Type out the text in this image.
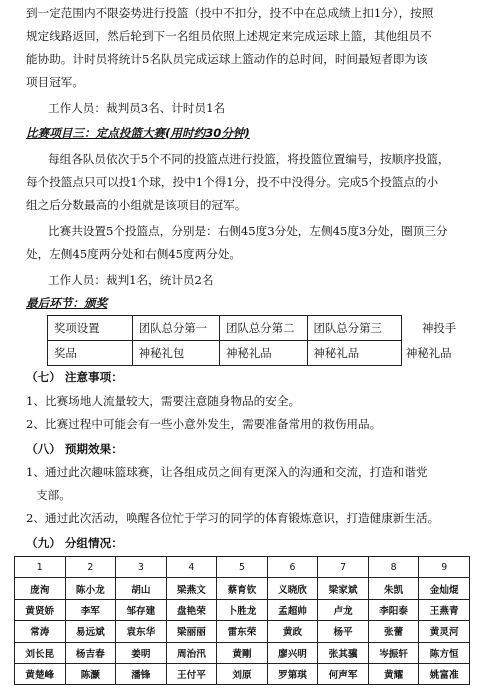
到一定范围内不限姿势进行投篮（投中不扣分，投不中在总成绩上扣1分），按照
规定线路返回，然后轮到下一名组员依照上述规定来完成运球上篮，其他组员不
能协助。计时员将统计5名队员完成运球上篮动作的总时间，时间最短者即为该
项目冠军。
工作人员：裁判员3名、计时员1名
比赛项目三：定点投篮大赛(用时约30分钟)
每组各队员依次于5个不同的投篮点进行投篮，将投篮位置编号，按顺序投篮，
每个投篮点只可以投1个球，投中1个得1分，投不中没得分。完成5个投篮点的小
组之后分数最高的小组就是该项目的冠军。
比赛共设置5个投篮点，分别是：右侧45度3分处，左侧45度3分处，圈顶三分
处，左侧45度两分处和右侧45度两分处。
工作人员：裁判1名，统计员2名
最后环节：颁奖
奖项设置	团队总分第一	团队总分第二	团队总分第三	神投手
奖品	神秘礼包	神秘礼品	神秘礼品	神秘礼品
（七） 注意事项：
1、比赛场地人流量较大，需要注意随身物品的安全。
2、比赛过程中可能会有一些小意外发生，需要准备常用的救伤用品。
（八） 预期效果：
1、通过此次趣味篮球赛，让各组成员之间有更深入的沟通和交流，打造和谐党
支部。
2、通过此次活动，唤醒各位忙于学习的同学的体育锻炼意识，打造健康新生活。
（九） 分组情况：
1	2	3	4	5	6	7	8	9
庞洵	陈小龙	胡山	梁燕文	蔡育钦	义晓欣	梁家斌	朱凯	金灿焜
黄贤娇	李军	邹存建	盘艳荣	卜胜龙	孟超帅	卢龙	李阳泰	王燕青
常涛	易远斌	袁东华	梁丽丽	雷东荣	黄政	杨平	张蕾	黄灵河
刘长昆	杨吉春	姜明	周治汛	黄剛	廖兴明	张其骥	岑振轩	陈方恒
黄楚峰	陈灏	潘锋	王付平	刘原	罗第琪	何声军	黄耀	姚富准
